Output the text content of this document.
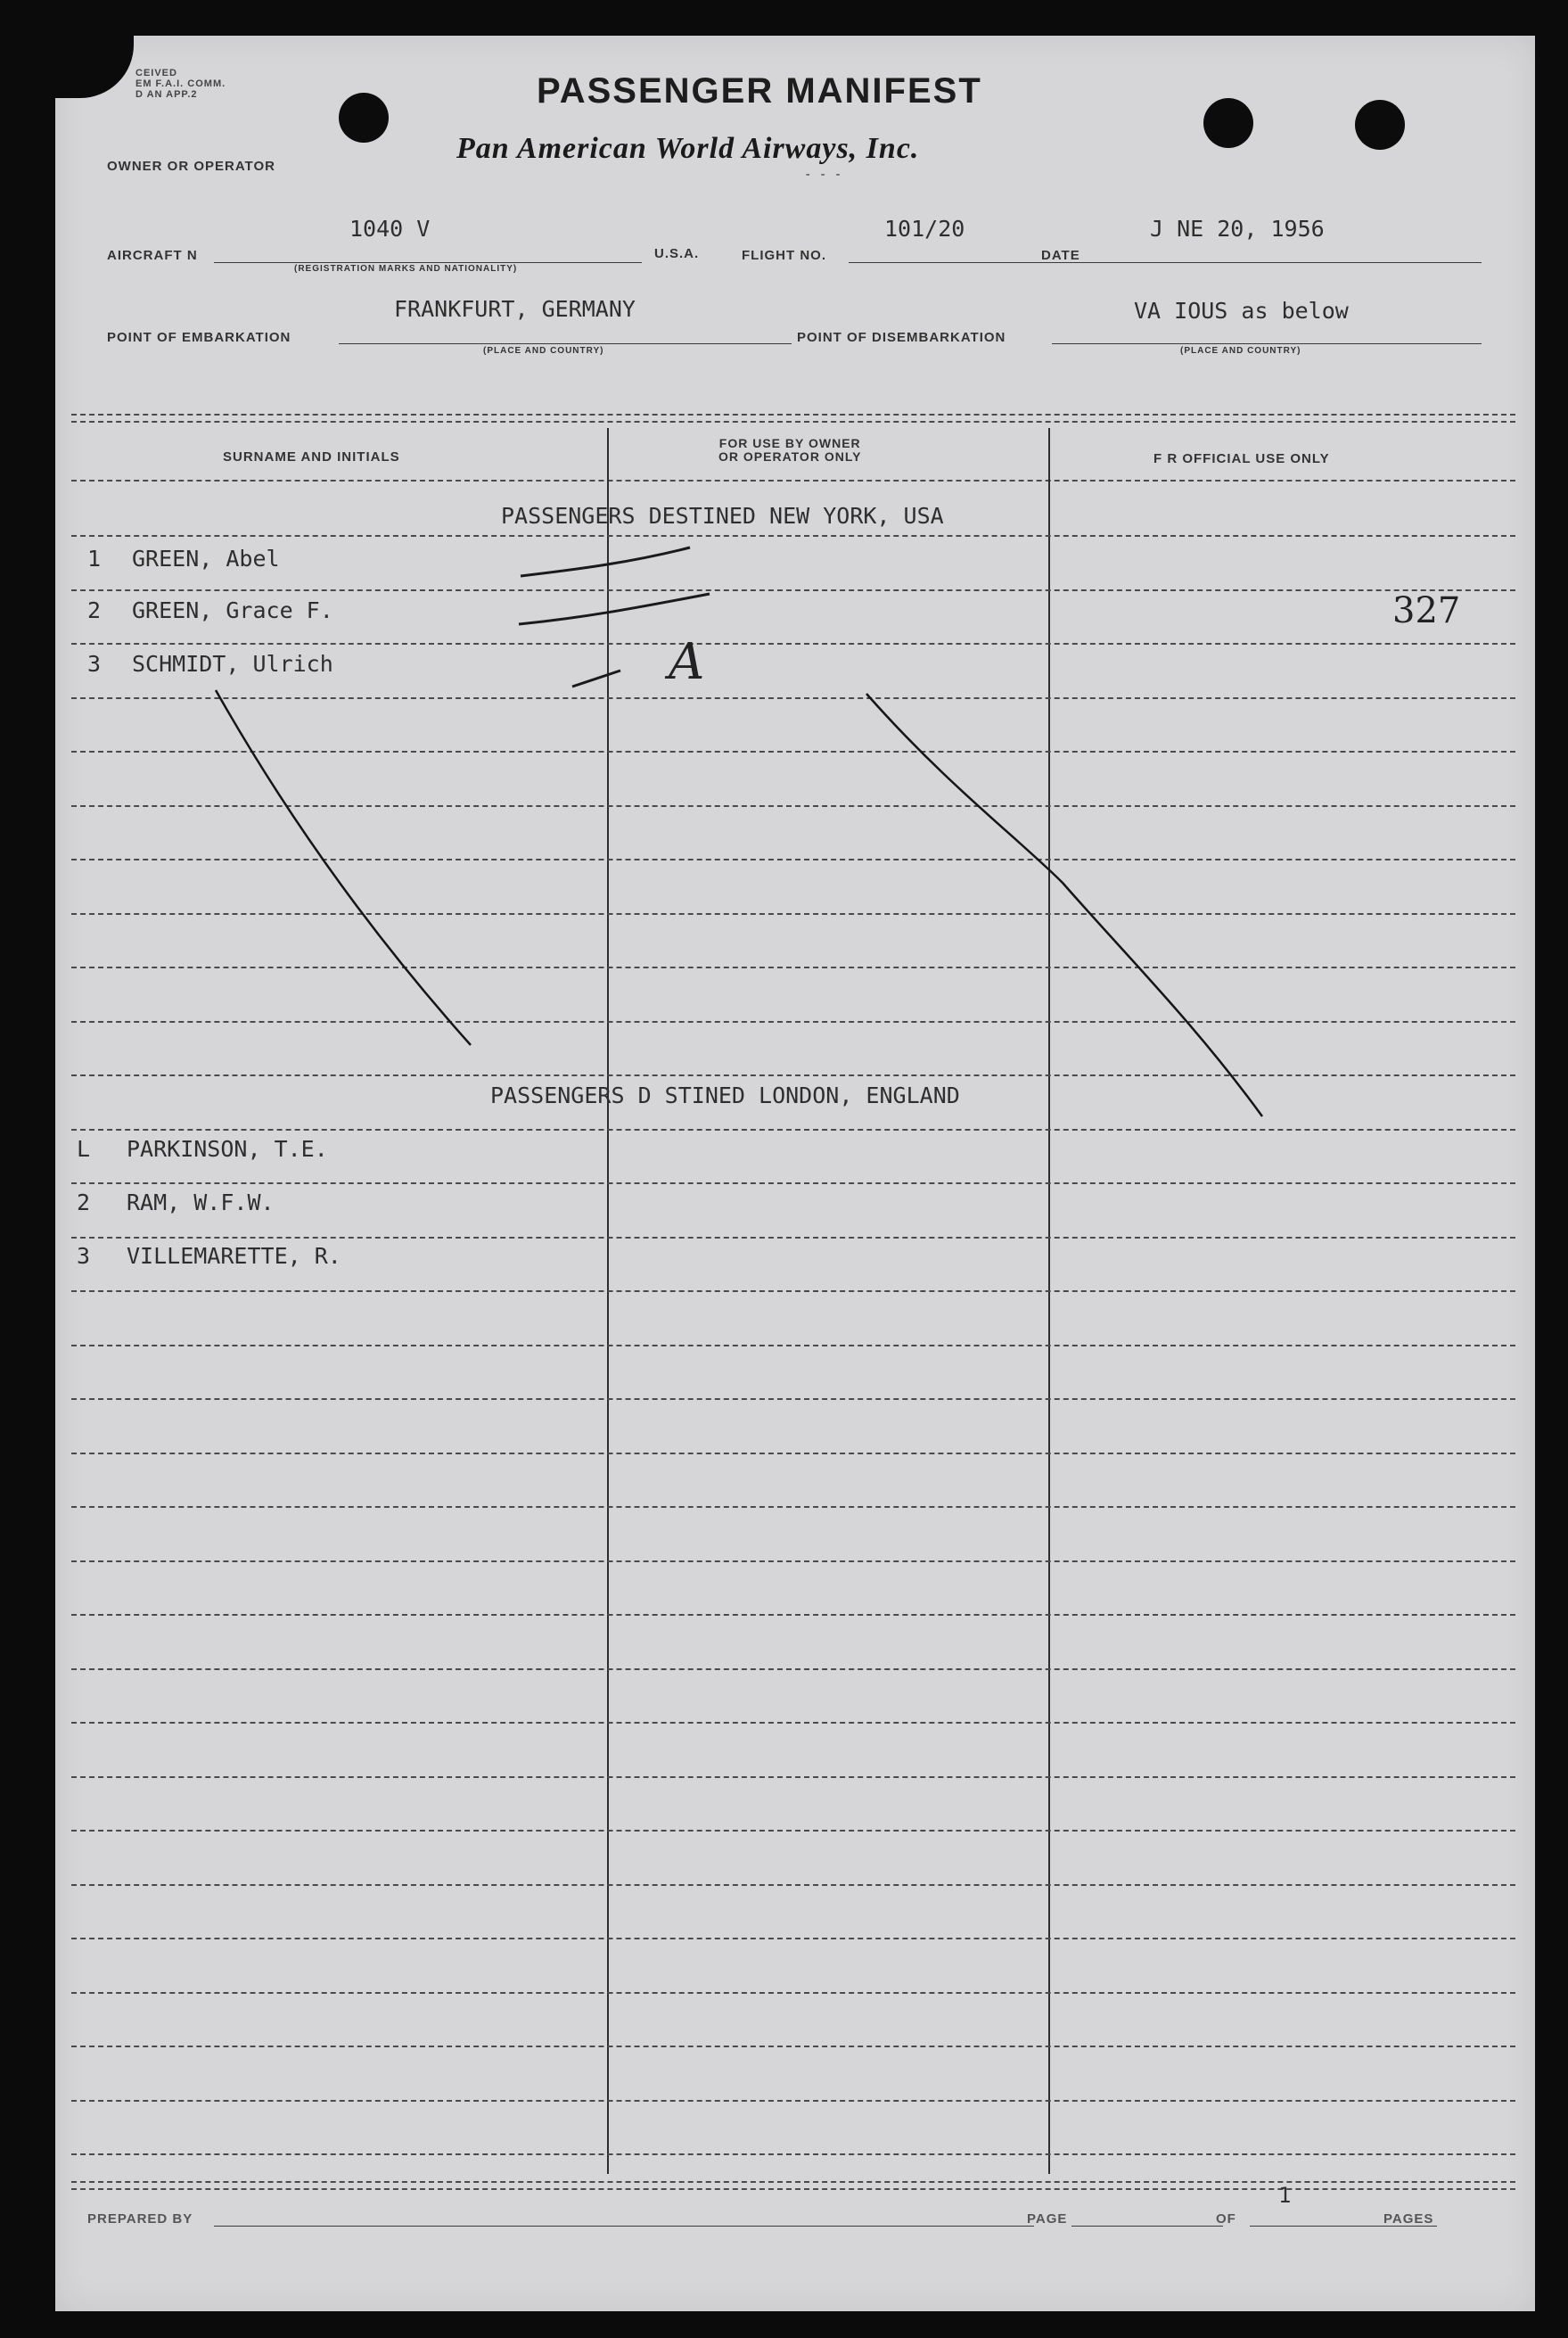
CEIVED
EM F.A.I. COMM.
D AN APP.2	PASSENGER MANIFEST
OWNER OR OPERATOR
Pan American World Airways, Inc.
- - -
AIRCRAFT N
1040 V
(REGISTRATION MARKS AND NATIONALITY)
U.S.A.	FLIGHT NO.
101/20
DATE
J NE 20, 1956
POINT OF EMBARKATION
FRANKFURT, GERMANY
(PLACE AND COUNTRY)
POINT OF DISEMBARKATION
VA IOUS as below
(PLACE AND COUNTRY)
SURNAME AND INITIALS
FOR USE BY OWNER
OR OPERATOR ONLY	F R OFFICIAL USE ONLY
PASSENGERS DESTINED NEW YORK, USA
1 GREEN, Abel
2 GREEN, Grace F.
3 SCHMIDT, Ulrich
PASSENGERS D STINED LONDON, ENGLAND
L PARKINSON, T.E.
2 RAM, W.F.W.
3 VILLEMARETTE, R.
327
A
PREPARED BY	PAGE
1
OF	PAGES
